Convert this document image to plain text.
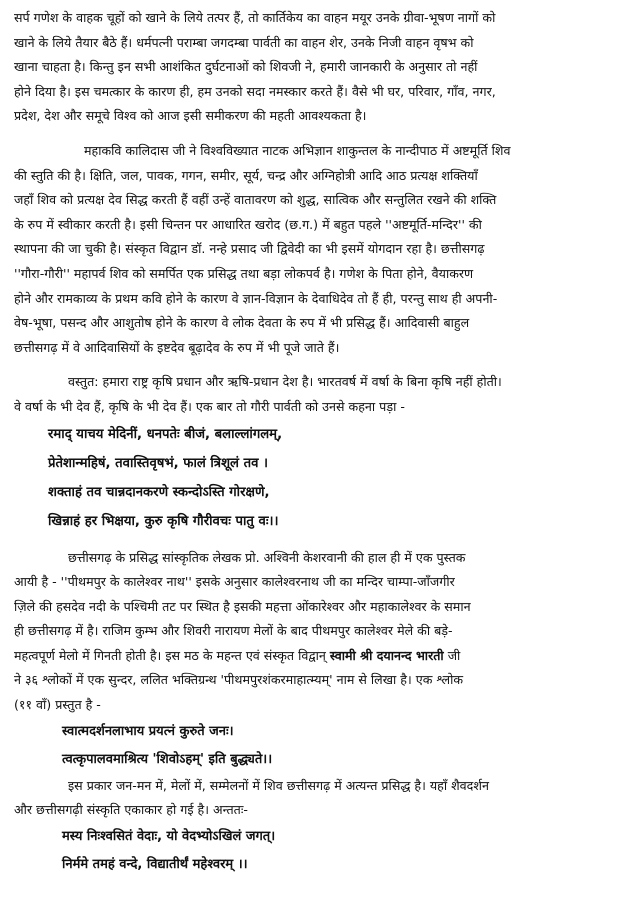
सर्प गणेश के वाहक चूहों को खाने के लिये तत्पर हैं, तो कार्तिकेय का वाहन मयूर उनके ग्रीवा-भूषण नागों को
खाने के लिये तैयार बैठे हैं। धर्मपत्नी पराम्बा जगदम्बा पार्वती का वाहन शेर, उनके निजी वाहन वृषभ को
खाना चाहता है। किन्तु इन सभी आशंकित दुर्घटनाओं को शिवजी ने, हमारी जानकारी के अनुसार तो नहीं
होने दिया है। इस चमत्कार के कारण ही, हम उनको सदा नमस्कार करते हैं। वैसे भी घर, परिवार, गाँव, नगर,
प्रदेश, देश और समूचे विश्व को आज इसी समीकरण की महती आवश्यकता है।
महाकवि कालिदास जी ने विश्वविख्यात नाटक अभिज्ञान शाकुन्तल के नान्दीपाठ में अष्टमूर्ति शिव
की स्तुति की है। क्षिति, जल, पावक, गगन, समीर, सूर्य, चन्द्र और अग्निहोत्री आदि आठ प्रत्यक्ष शक्तियाँ
जहाँ शिव को प्रत्यक्ष देव सिद्ध करती हैं वहीं उन्हें वातावरण को शुद्ध, सात्विक और सन्तुलित रखने की शक्ति
के रुप में स्वीकार करती है। इसी चिन्तन पर आधारित खरोद (छ.ग.) में बहुत पहले ''अष्टमूर्ति-मन्दिर'' की
स्थापना की जा चुकी है। संस्कृत विद्वान डॉ. नन्हे प्रसाद जी द्विवेदी का भी इसमें योगदान रहा है। छत्तीसगढ़
''गौरा-गौरी'' महापर्व शिव को समर्पित एक प्रसिद्ध तथा बड़ा लोकपर्व है। गणेश के पिता होने, वैयाकरण
होने और रामकाव्य के प्रथम कवि होने के कारण वे ज्ञान-विज्ञान के देवाधिदेव तो हैं ही, परन्तु साथ ही अपनी-
वेष-भूषा, पसन्द और आशुतोष होने के कारण वे लोक देवता के रुप में भी प्रसिद्ध हैं। आदिवासी बाहुल
छत्तीसगढ़ में वे आदिवासियों के इष्टदेव बूढ़ादेव के रुप में भी पूजे जाते हैं।
वस्तुत: हमारा राष्ट्र कृषि प्रधान और ऋषि-प्रधान देश है। भारतवर्ष में वर्षा के बिना कृषि नहीं होती।
वे वर्षा के भी देव हैं, कृषि के भी देव हैं। एक बार तो गौरी पार्वती को उनसे कहना पड़ा -
रमाद् याचय मेदिनीं, धनपतेः बीजं, बलाल्लांगलम्,
प्रेतेशान्महिषं, तवास्तिवृषभं, फालं त्रिशूलं तव ।
शक्ताहं तव चान्नदानकरणे स्कन्दोऽस्ति गोरक्षणे,
खिन्नाहं हर भिक्षया, कुरु कृषि गौरीवचः पातु वः।।
छत्तीसगढ़ के प्रसिद्ध सांस्कृतिक लेखक प्रो. अश्विनी केशरवानी की हाल ही में एक पुस्तक
आयी है - ''पीथमपुर के कालेश्वर नाथ'' इसके अनुसार कालेश्वरनाथ जी का मन्दिर चाम्पा-जाँजगीर
ज़िले की हसदेव नदी के पश्चिमी तट पर स्थित है इसकी महत्ता ओंकारेश्वर और महाकालेश्वर के समान
ही छत्तीसगढ़ में है। राजिम कुम्भ और शिवरी नारायण मेलों के बाद पीथमपुर कालेश्वर मेले की बड़े-
महत्वपूर्ण मेलो में गिनती होती है। इस मठ के महन्त एवं संस्कृत विद्वान् स्वामी श्री दयानन्द भारती जी
ने ३६ श्लोकों में एक सुन्दर, ललित भक्तिग्रन्थ 'पीथमपुरशंकरमाहात्म्यम्' नाम से लिखा है। एक श्लोक
(११ वाँ) प्रस्तुत है -
स्वात्मदर्शनलाभाय प्रयत्नं कुरुते जनः।
त्वत्कृपालवमाश्रित्य 'शिवोऽहम्' इति बुद्ध्यते।।
इस प्रकार जन-मन में, मेलों में, सम्मेलनों में शिव छत्तीसगढ़ में अत्यन्त प्रसिद्ध है। यहाँ शैवदर्शन
और छत्तीसगढ़ी संस्कृति एकाकार हो गई है। अन्ततः-
मस्य निःश्वसितं वेदाः, यो वेदभ्योऽखिलं जगत्।
निर्ममे तमहं वन्दे, विद्यातीर्थं महेश्वरम् ।।
